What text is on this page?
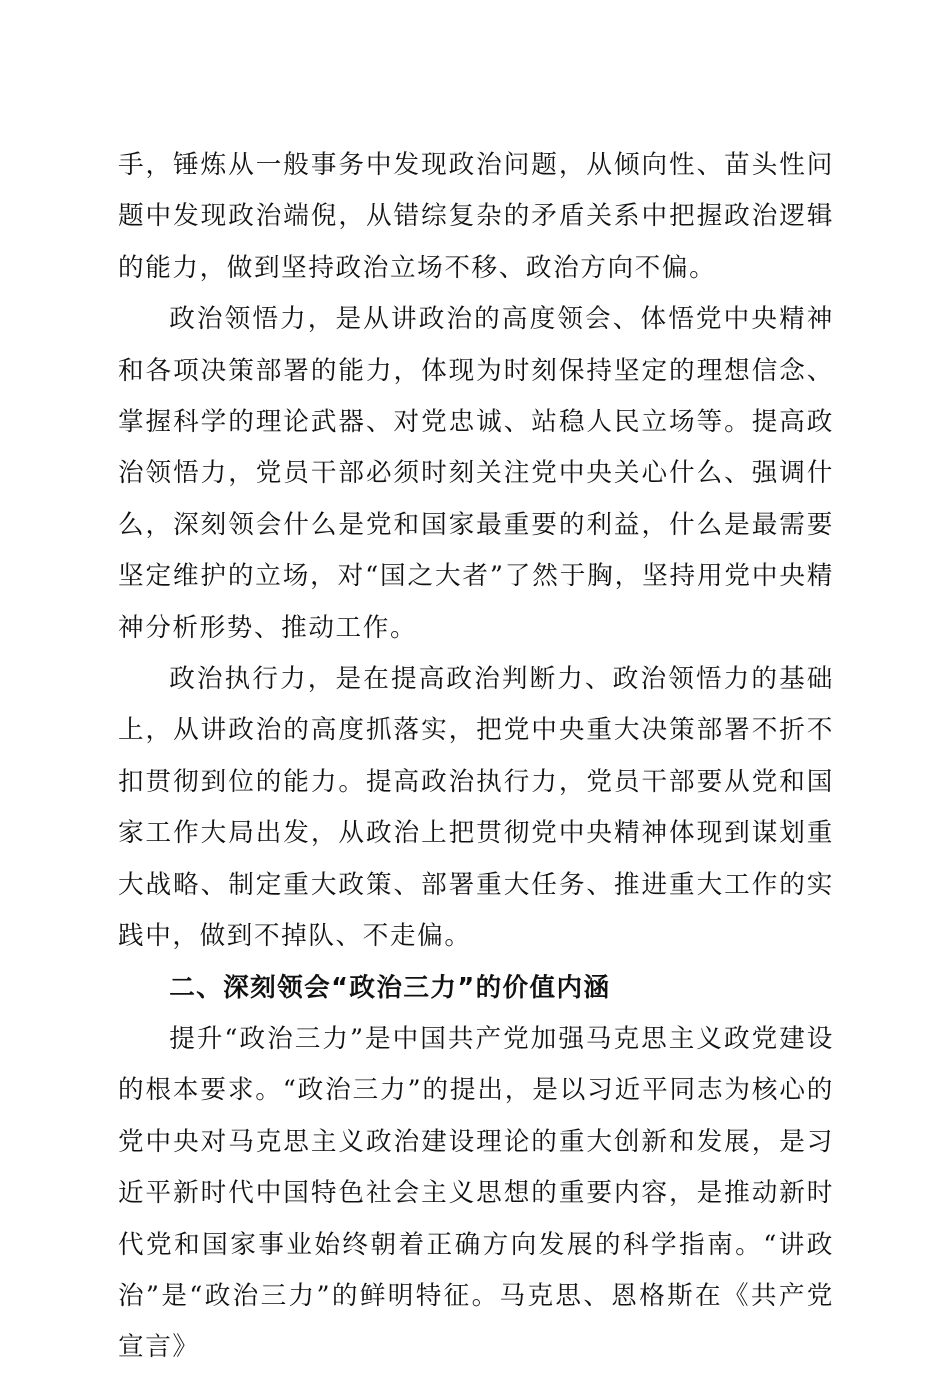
手，锤炼从一般事务中发现政治问题，从倾向性、苗头性问题中发现政治端倪，从错综复杂的矛盾关系中把握政治逻辑的能力，做到坚持政治立场不移、政治方向不偏。

政治领悟力，是从讲政治的高度领会、体悟党中央精神和各项决策部署的能力，体现为时刻保持坚定的理想信念、掌握科学的理论武器、对党忠诚、站稳人民立场等。提高政治领悟力，党员干部必须时刻关注党中央关心什么、强调什么，深刻领会什么是党和国家最重要的利益，什么是最需要坚定维护的立场，对“国之大者”了然于胸，坚持用党中央精神分析形势、推动工作。

政治执行力，是在提高政治判断力、政治领悟力的基础上，从讲政治的高度抓落实，把党中央重大决策部署不折不扣贯彻到位的能力。提高政治执行力，党员干部要从党和国家工作大局出发，从政治上把贯彻党中央精神体现到谋划重大战略、制定重大政策、部署重大任务、推进重大工作的实践中，做到不掉队、不走偏。

二、深刻领会“政治三力”的价值内涵

提升“政治三力”是中国共产党加强马克思主义政党建设的根本要求。“政治三力”的提出，是以习近平同志为核心的党中央对马克思主义政治建设理论的重大创新和发展，是习近平新时代中国特色社会主义思想的重要内容，是推动新时代党和国家事业始终朝着正确方向发展的科学指南。“讲政治”是“政治三力”的鲜明特征。马克思、恩格斯在《共产党宣言》
